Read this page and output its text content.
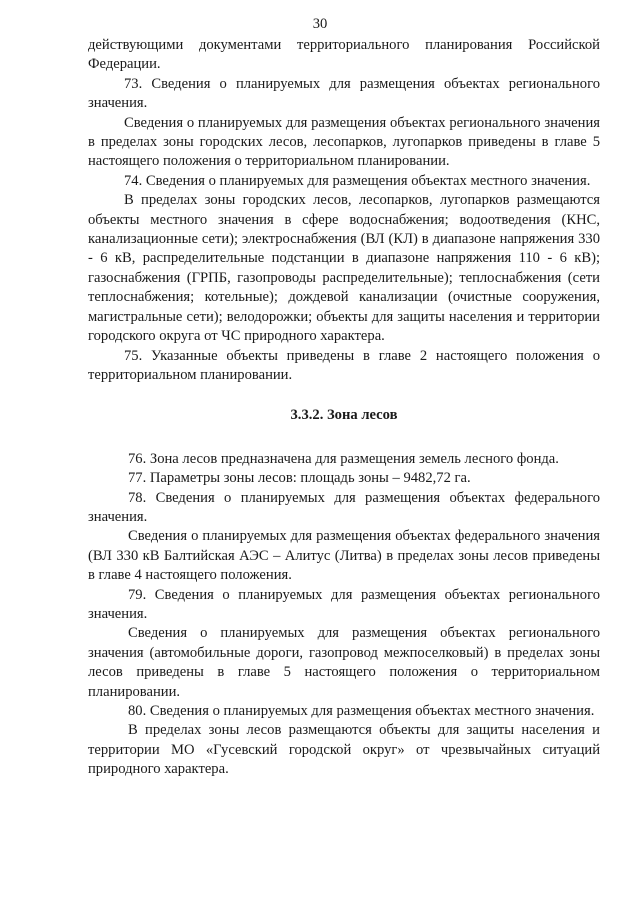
30

действующими документами территориального планирования Российской Федерации.

73. Сведения о планируемых для размещения объектах регионального значения.

Сведения о планируемых для размещения объектах регионального значения в пределах зоны городских лесов, лесопарков, лугопарков приведены в главе 5 настоящего положения о территориальном планировании.

74. Сведения о планируемых для размещения объектах местного значения.

В пределах зоны городских лесов, лесопарков, лугопарков размещаются объекты местного значения в сфере водоснабжения; водоотведения (КНС, канализационные сети); электроснабжения (ВЛ (КЛ) в диапазоне напряжения 330 - 6 кВ, распределительные подстанции в диапазоне напряжения 110 - 6 кВ); газоснабжения (ГРПБ, газопроводы распределительные); теплоснабжения (сети теплоснабжения; котельные); дождевой канализации (очистные сооружения, магистральные сети); велодорожки; объекты для защиты населения и территории городского округа от ЧС природного характера.

75. Указанные объекты приведены в главе 2 настоящего положения о территориальном планировании.

3.3.2. Зона лесов

76. Зона лесов предназначена для размещения земель лесного фонда.

77. Параметры зоны лесов: площадь зоны – 9482,72 га.

78. Сведения о планируемых для размещения объектах федерального значения.

Сведения о планируемых для размещения объектах федерального значения (ВЛ 330 кВ Балтийская АЭС – Алитус (Литва) в пределах зоны лесов приведены в главе 4 настоящего положения.

79. Сведения о планируемых для размещения объектах регионального значения.

Сведения о планируемых для размещения объектах регионального значения (автомобильные дороги, газопровод межпоселковый) в пределах зоны лесов приведены в главе 5 настоящего положения о территориальном планировании.

80. Сведения о планируемых для размещения объектах местного значения.

В пределах зоны лесов размещаются объекты для защиты населения и территории МО «Гусевский городской округ» от чрезвычайных ситуаций природного характера.
